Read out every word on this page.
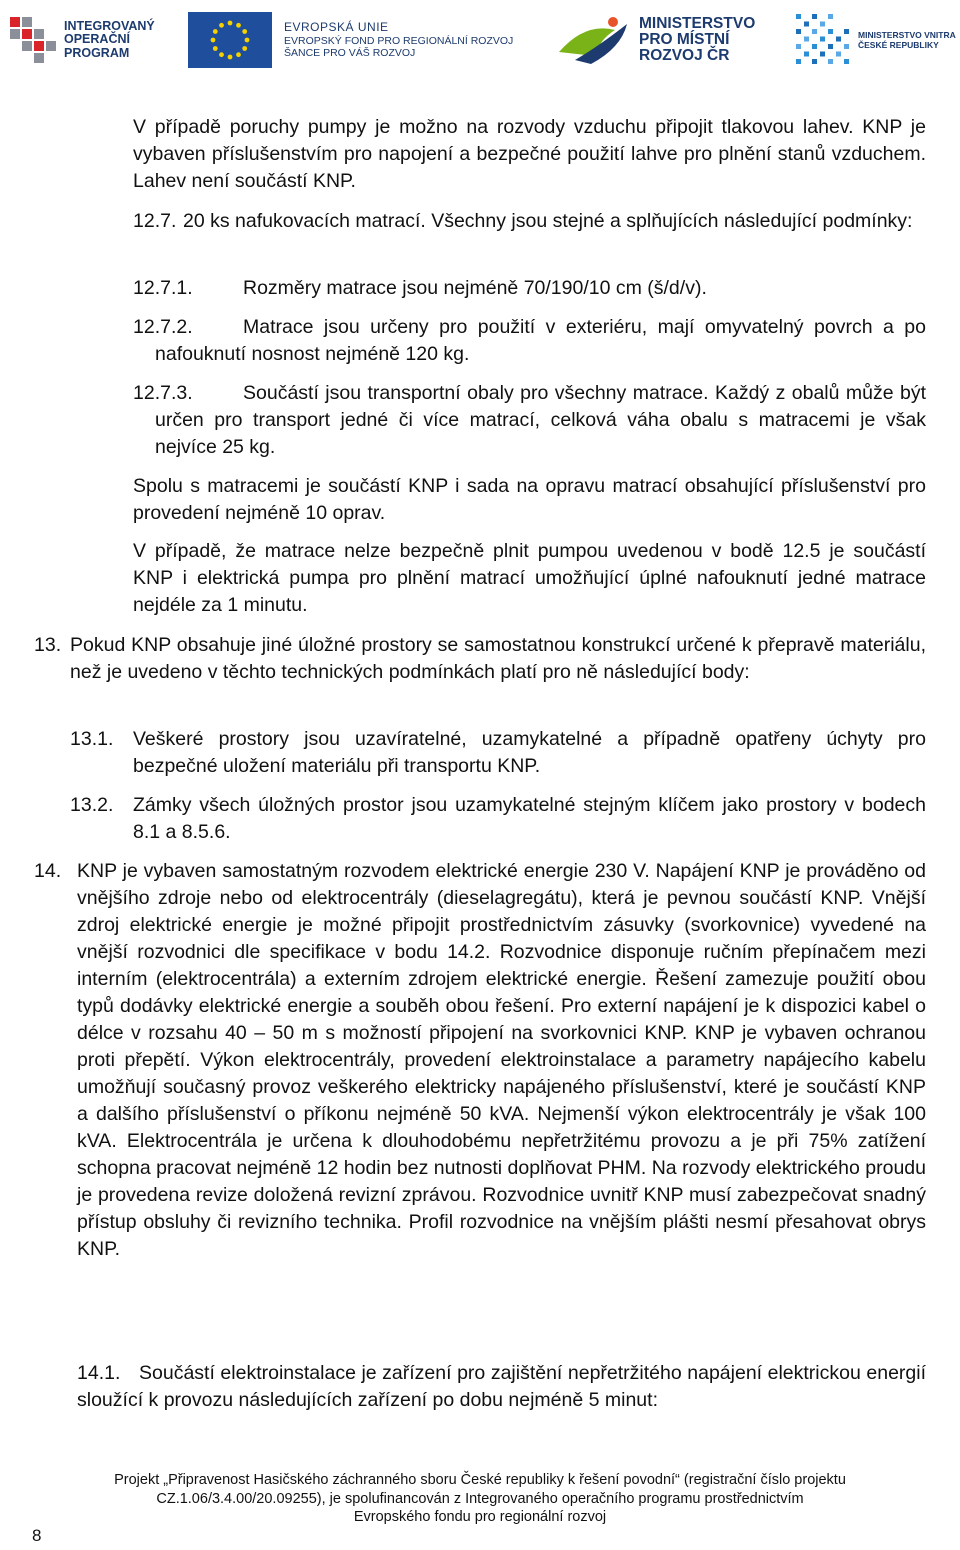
INTEGROVANÝ
OPERAČNÍ
PROGRAM
EVROPSKÁ UNIE
EVROPSKÝ FOND PRO REGIONÁLNÍ ROZVOJ
ŠANCE PRO VÁŠ ROZVOJ
MINISTERSTVO
PRO MÍSTNÍ
ROZVOJ ČR
MINISTERSTVO VNITRA
ČESKÉ REPUBLIKY
V případě poruchy pumpy je možno na rozvody vzduchu připojit tlakovou lahev. KNP je vybaven příslušenstvím pro napojení a bezpečné použití lahve pro plnění stanů vzduchem. Lahev není součástí KNP.
12.7. 20 ks nafukovacích matrací. Všechny jsou stejné a splňujících následující podmínky:
12.7.1.	Rozměry matrace jsou nejméně 70/190/10 cm (š/d/v).
12.7.2.	Matrace jsou určeny pro použití v exteriéru, mají omyvatelný povrch a po nafouknutí nosnost nejméně 120 kg.
12.7.3.	Součástí jsou transportní obaly pro všechny matrace. Každý z obalů může být určen pro transport jedné či více matrací, celková váha obalu s matracemi je však nejvíce 25 kg.
Spolu s matracemi je součástí KNP i sada na opravu matrací obsahující příslušenství pro provedení nejméně 10 oprav.
V případě, že matrace nelze bezpečně plnit pumpou uvedenou v bodě 12.5 je součástí KNP i elektrická pumpa pro plnění matrací umožňující úplné nafouknutí jedné matrace nejdéle za 1 minutu.
13. Pokud KNP obsahuje jiné úložné prostory se samostatnou konstrukcí určené k přepravě materiálu, než je uvedeno v těchto technických podmínkách platí pro ně následující body:
13.1. Veškeré prostory jsou uzavíratelné, uzamykatelné a případně opatřeny úchyty pro bezpečné uložení materiálu při transportu KNP.
13.2. Zámky všech úložných prostor jsou uzamykatelné stejným klíčem jako prostory v bodech 8.1 a 8.5.6.
14. KNP je vybaven samostatným rozvodem elektrické energie 230 V. Napájení KNP je prováděno od vnějšího zdroje nebo od elektrocentrály (dieselagregátu), která je pevnou součástí KNP. Vnější zdroj elektrické energie je možné připojit prostřednictvím zásuvky (svorkovnice) vyvedené na vnější rozvodnici dle specifikace v bodu 14.2. Rozvodnice disponuje ručním přepínačem mezi interním (elektrocentrála) a externím zdrojem elektrické energie. Řešení zamezuje použití obou typů dodávky elektrické energie a souběh obou řešení. Pro externí napájení je k dispozici kabel o délce v rozsahu 40 – 50 m s možností připojení na svorkovnici KNP. KNP je vybaven ochranou proti přepětí. Výkon elektrocentrály, provedení elektroinstalace a parametry napájecího kabelu umožňují současný provoz veškerého elektricky napájeného příslušenství, které je součástí KNP a dalšího příslušenství o příkonu nejméně 50 kVA. Nejmenší výkon elektrocentrály je však 100 kVA. Elektrocentrála je určena k dlouhodobému nepřetržitému provozu a je při 75% zatížení schopna pracovat nejméně 12 hodin bez nutnosti doplňovat PHM. Na rozvody elektrického proudu je provedena revize doložená revizní zprávou. Rozvodnice uvnitř KNP musí zabezpečovat snadný přístup obsluhy či revizního technika. Profil rozvodnice na vnějším plášti nesmí přesahovat obrys KNP.
14.1. Součástí elektroinstalace je zařízení pro zajištění nepřetržitého napájení elektrickou energií sloužící k provozu následujících zařízení po dobu nejméně 5 minut:
Projekt „Připravenost Hasičského záchranného sboru České republiky k řešení povodní“ (registrační číslo projektu
CZ.1.06/3.4.00/20.09255), je spolufinancován z Integrovaného operačního programu prostřednictvím
Evropského fondu pro regionální rozvoj
8
